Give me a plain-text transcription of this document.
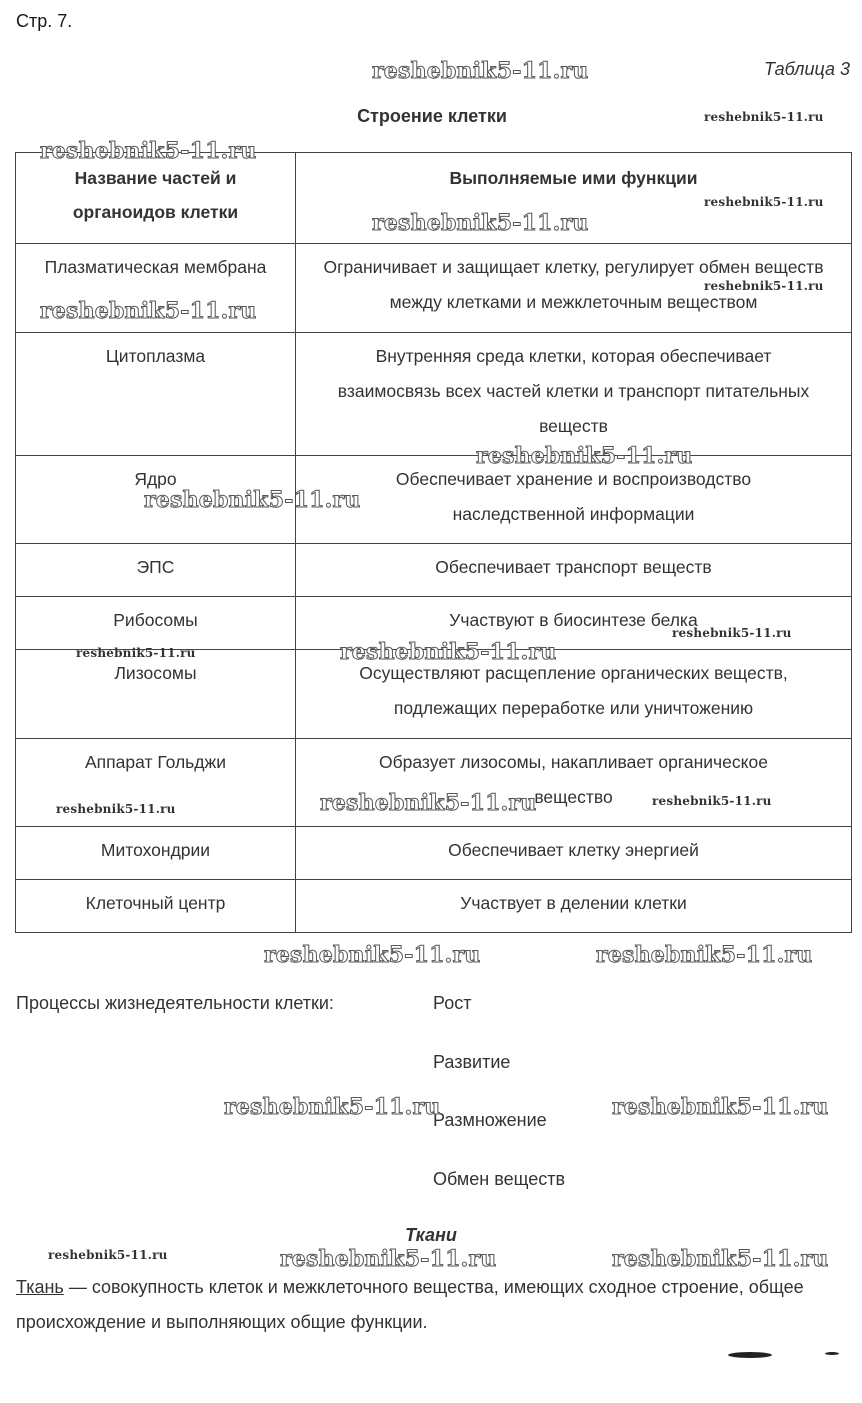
Стр. 7.
Таблица 3
Строение клетки
Название частей и органоидов клетки	Выполняемые ими функции
Плазматическая мембрана	Ограничивает и защищает клетку, регулирует обмен веществ между клетками и межклеточным веществом
Цитоплазма	Внутренняя среда клетки, которая обеспечивает взаимосвязь всех частей клетки и транспорт питательных веществ
Ядро	Обеспечивает хранение и воспроизводство наследственной информации
ЭПС	Обеспечивает транспорт веществ
Рибосомы	Участвуют в биосинтезе белка
Лизосомы	Осуществляют расщепление органических веществ, подлежащих переработке или уничтожению
Аппарат Гольджи	Образует лизосомы, накапливает органическое вещество
Митохондрии	Обеспечивает клетку энергией
Клеточный центр	Участвует в делении клетки
Процессы жизнедеятельности клетки:	Рост
Развитие
Размножение
Обмен веществ
Ткани
Ткань — совокупность клеток и межклеточного вещества, имеющих сходное строение, общее происхождение и выполняющих общие функции.
reshebnik5-11.ru
reshebnik5-11.ru
reshebnik5-11.ru
reshebnik5-11.ru
reshebnik5-11.ru
reshebnik5-11.ru
reshebnik5-11.ru
reshebnik5-11.ru
reshebnik5-11.ru
reshebnik5-11.ru
reshebnik5-11.ru
reshebnik5-11.ru
reshebnik5-11.ru	reshebnik5-11.ru
reshebnik5-11.ru
reshebnik5-11.ru	reshebnik5-11.ru
reshebnik5-11.ru	reshebnik5-11.ru
reshebnik5-11.ru	reshebnik5-11.ru	reshebnik5-11.ru
